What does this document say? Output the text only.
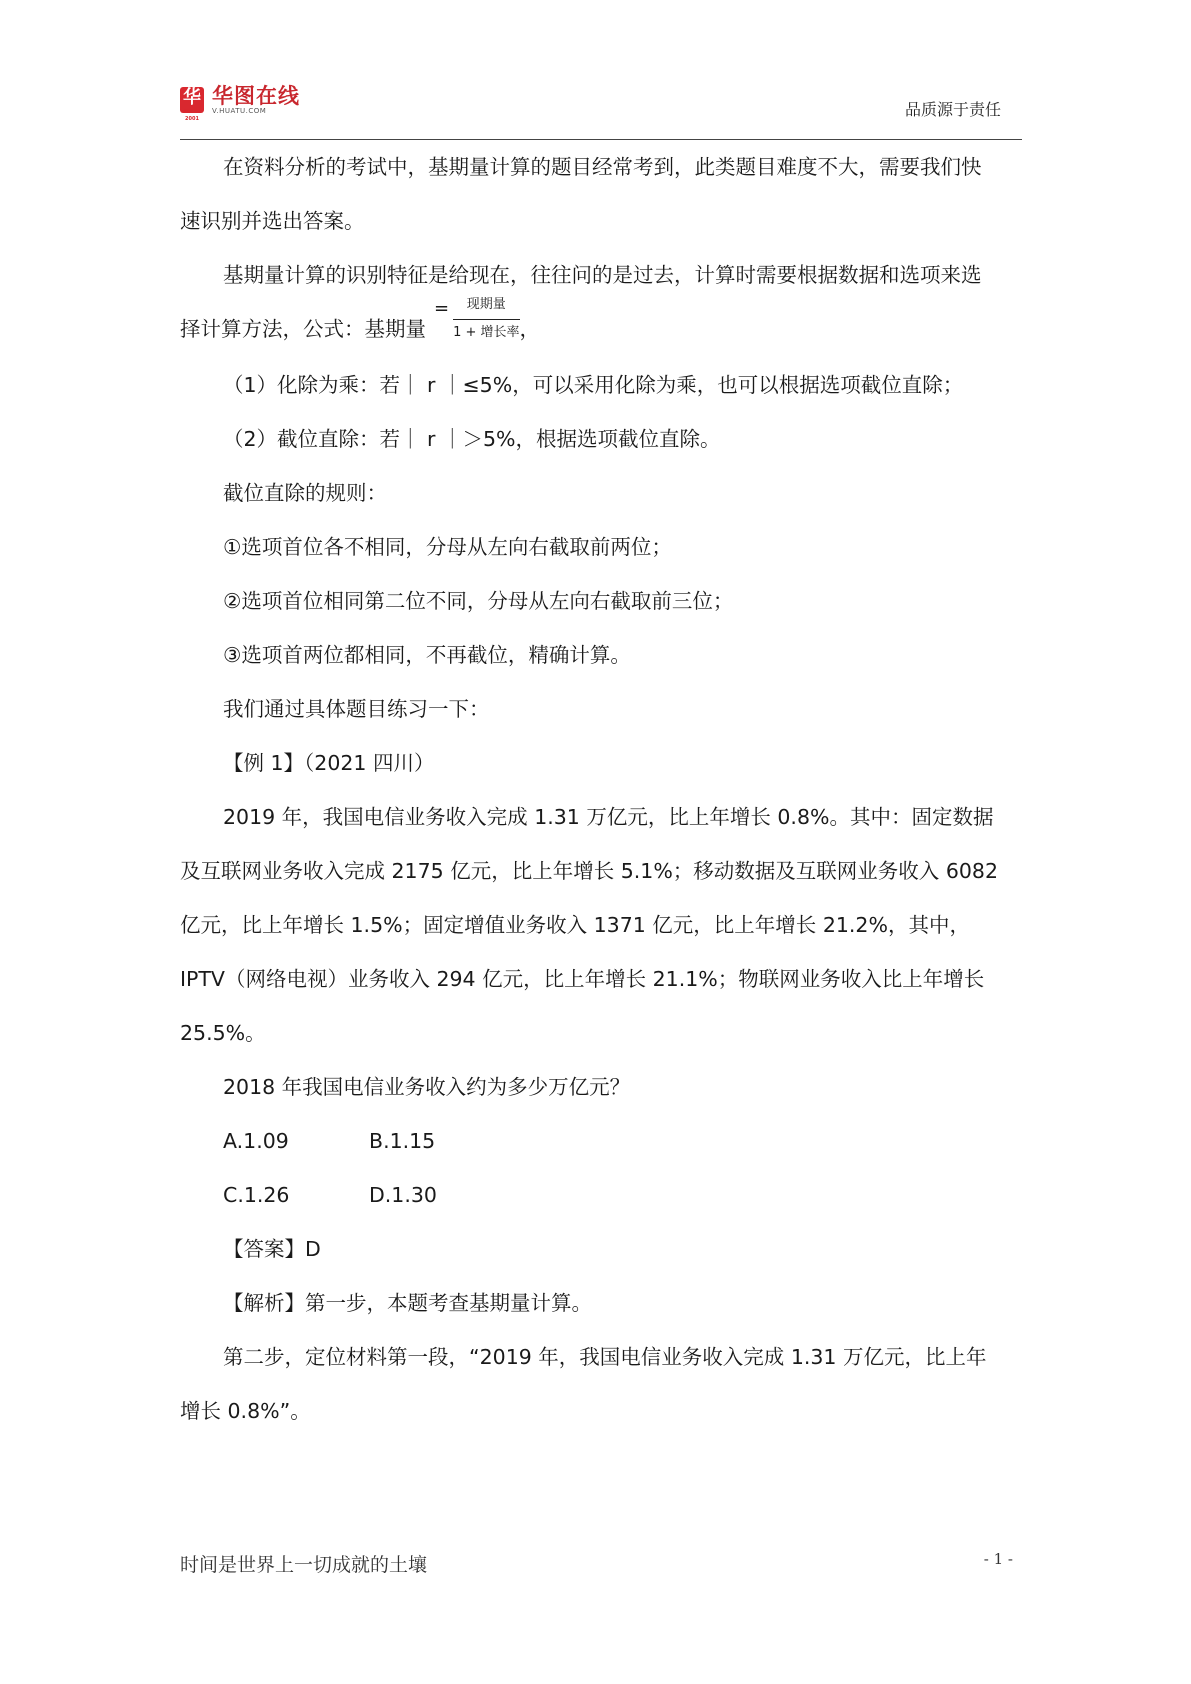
华
SINCE 2001
华图在线
V.HUATU.COM	品质源于责任

在资料分析的考试中，基期量计算的题目经常考到，此类题目难度不大，需要我们快

速识别并选出答案。

基期量计算的识别特征是给现在，往往问的是过去，计算时需要根据数据和选项来选

择计算方法，公式：基期量= $\frac{\text{现期量}}{\text{1 + 增长率}}$ ，

（1）化除为乘：若｜ r ｜≤5%，可以采用化除为乘，也可以根据选项截位直除；

（2）截位直除：若｜ r ｜＞5%，根据选项截位直除。

截位直除的规则：

①选项首位各不相同，分母从左向右截取前两位；

②选项首位相同第二位不同，分母从左向右截取前三位；

③选项首两位都相同，不再截位，精确计算。

我们通过具体题目练习一下：

【例 1】（2021 四川）

2019 年，我国电信业务收入完成 1.31 万亿元，比上年增长 0.8%。其中：固定数据

及互联网业务收入完成 2175 亿元，比上年增长 5.1%；移动数据及互联网业务收入 6082

亿元，比上年增长 1.5%；固定增值业务收入 1371 亿元，比上年增长 21.2%，其中，

IPTV（网络电视）业务收入 294 亿元，比上年增长 21.1%；物联网业务收入比上年增长

25.5%。

2018 年我国电信业务收入约为多少万亿元？

A.1.09	B.1.15

C.1.26	D.1.30

【答案】D

【解析】第一步，本题考查基期量计算。

第二步，定位材料第一段，“2019 年，我国电信业务收入完成 1.31 万亿元，比上年

增长 0.8%”。

时间是世界上一切成就的土壤	- 1 -
